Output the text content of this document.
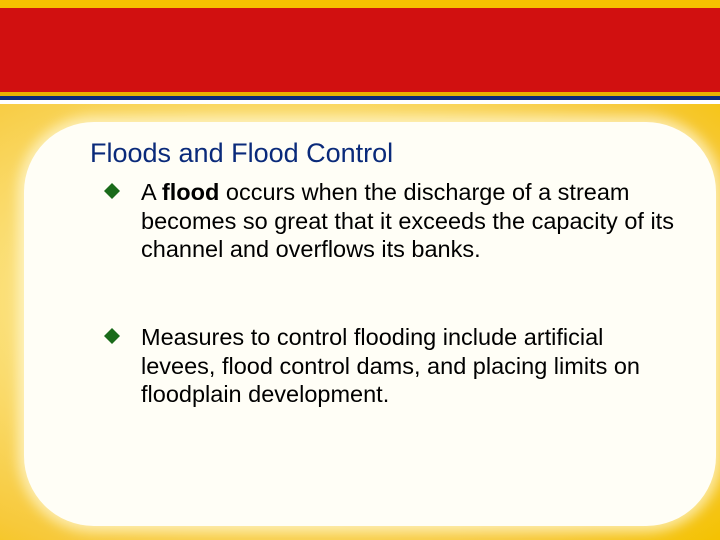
Floods and Flood Control
A flood occurs when the discharge of a stream becomes so great that it exceeds the capacity of its channel and overflows its banks.
Measures to control flooding include artificial levees, flood control dams, and placing limits on floodplain development.
